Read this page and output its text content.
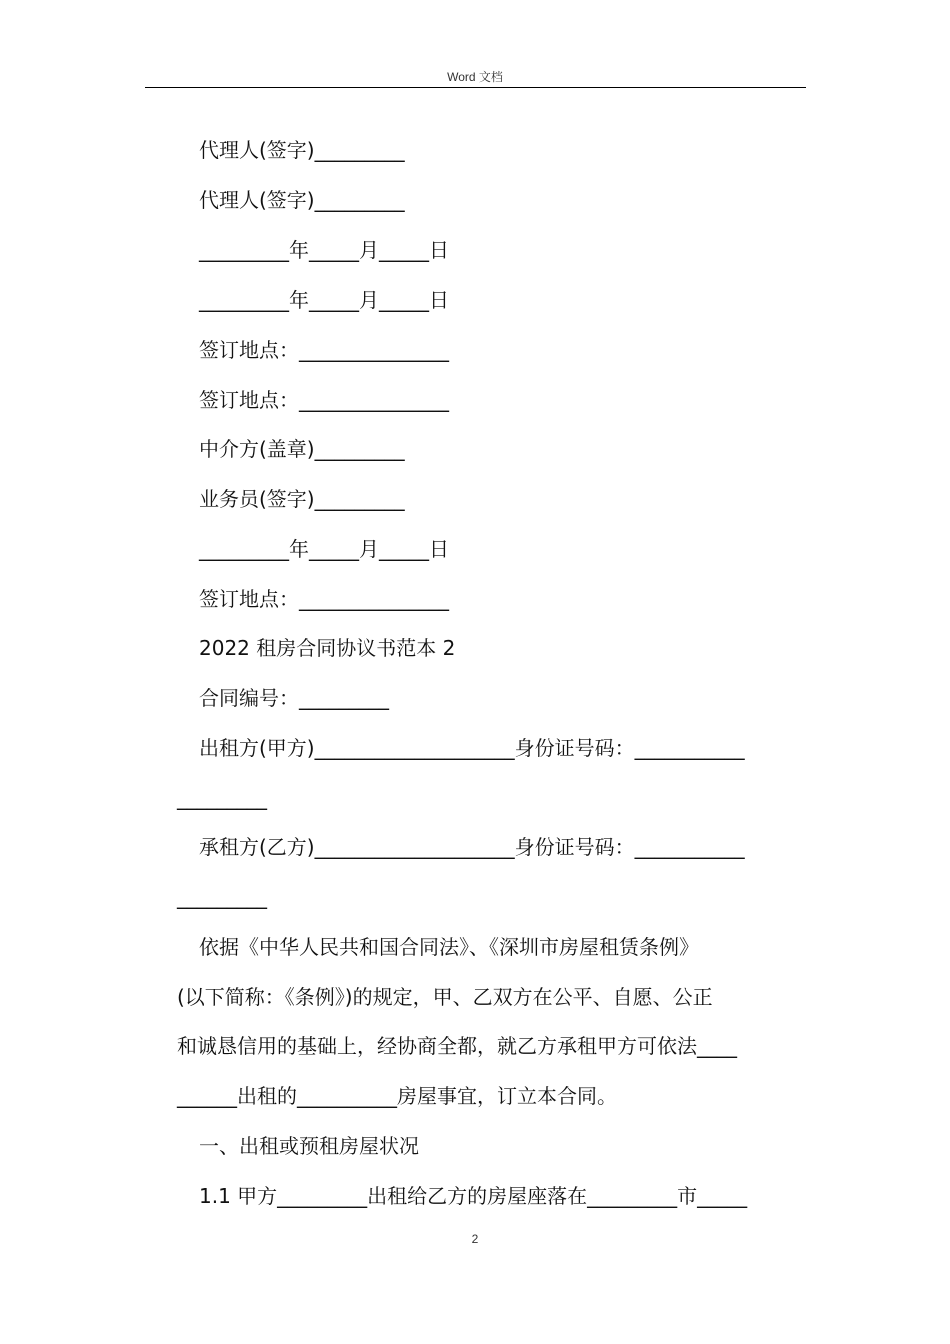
Word 文档
代理人(签字)_________
代理人(签字)_________
_________年_____月_____日
_________年_____月_____日
签订地点：_______________
签订地点：_______________
中介方(盖章)_________
业务员(签字)_________
_________年_____月_____日
签订地点：_______________
2022 租房合同协议书范本 2
合同编号：_________
出租方(甲方)____________________身份证号码：___________
_________
承租方(乙方)____________________身份证号码：___________
_________
依据《中华人民共和国合同法》、《深圳市房屋租赁条例》
(以下简称：《条例》)的规定，甲、乙双方在公平、自愿、公正
和诚恳信用的基础上，经协商全都，就乙方承租甲方可依法____
______出租的__________房屋事宜，订立本合同。
一、出租或预租房屋状况
1.1 甲方_________出租给乙方的房屋座落在_________市_____
2
